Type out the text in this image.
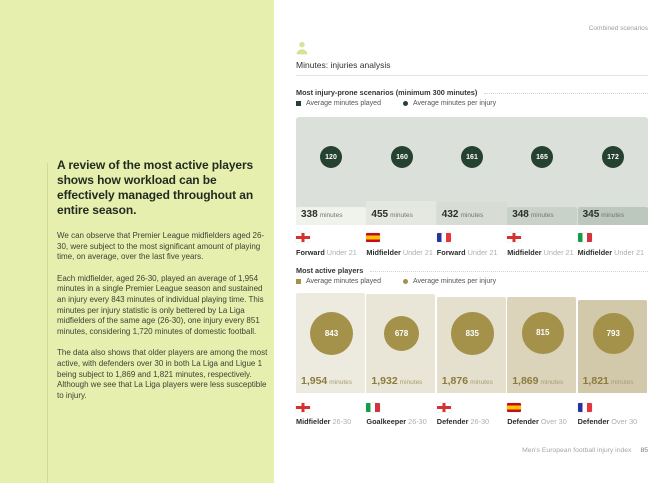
A review of the most active players shows how workload can be effectively managed throughout an entire season.

We can observe that Premier League midfielders aged 26-30, were subject to the most significant amount of playing time, on average, over the last five years.

Each midfielder, aged 26-30, played an average of 1,954 minutes in a single Premier League season and sustained an injury every 843 minutes of individual playing time. This minutes per injury statistic is only bettered by La Liga midfielders of the same age (26-30), one injury every 851 minutes, considering 1,720 minutes of domestic football.

The data also shows that older players are among the most active, with defenders over 30 in both La Liga and Ligue 1 being subject to 1,869 and 1,821 minutes, respectively. Although we see that La Liga players were less susceptible to injury.

Combined scenarios
Minutes: injuries analysis
Most injury-prone scenarios (minimum 300 minutes)
Average minutes played	Average minutes per injury
338 minutes	455 minutes	432 minutes	348 minutes	345 minutes
120	160	161	165	172
Forward Under 21	Midfielder Under 21 Forward Under 21	Midfielder Under 21 Midfielder Under 21
Most active players
Average minutes played	Average minutes per injury
1,954 minutes 1,932 minutes 1,876 minutes 1,869 minutes 1,821 minutes
843	678	835	815	793
Midfielder 26-30	Goalkeeper 26-30	Defender 26-30	Defender Over 30	Defender Over 30
Men's European football injury index 85
